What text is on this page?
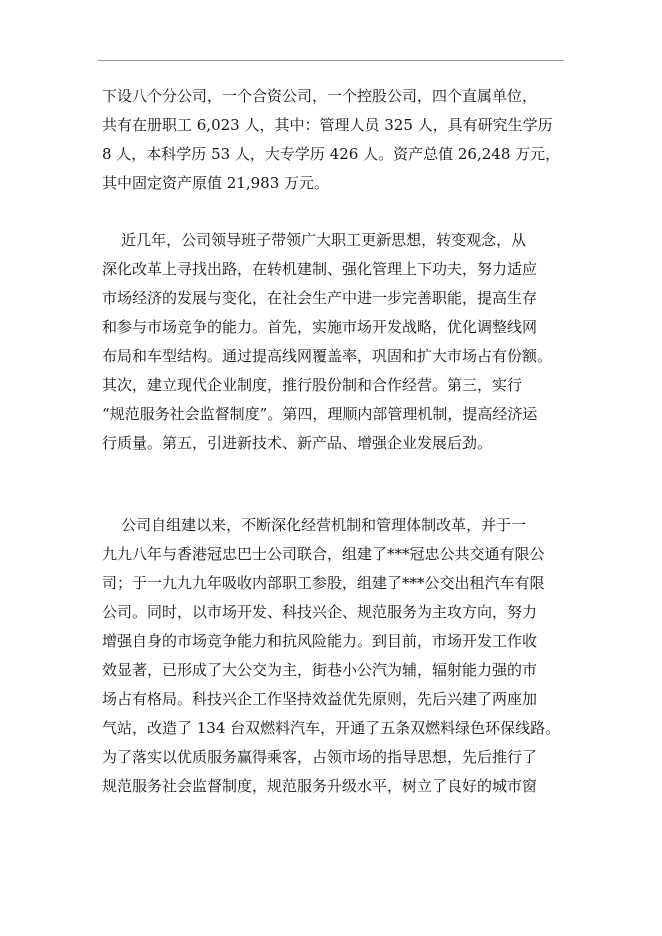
下设八个分公司，一个合资公司，一个控股公司，四个直属单位，
共有在册职工 6,023 人，其中：管理人员 325 人，具有研究生学历
8 人，本科学历 53 人，大专学历 426 人。资产总值 26,248 万元，
其中固定资产原值 21,983 万元。
近几年，公司领导班子带领广大职工更新思想，转变观念，从
深化改革上寻找出路，在转机建制、强化管理上下功夫，努力适应
市场经济的发展与变化，在社会生产中进一步完善职能，提高生存
和参与市场竞争的能力。首先，实施市场开发战略，优化调整线网
布局和车型结构。通过提高线网覆盖率，巩固和扩大市场占有份额。
其次，建立现代企业制度，推行股份制和合作经营。第三，实行
“规范服务社会监督制度”。第四，理顺内部管理机制，提高经济运
行质量。第五，引进新技术、新产品、增强企业发展后劲。
公司自组建以来，不断深化经营机制和管理体制改革，并于一
九九八年与香港冠忠巴士公司联合，组建了***冠忠公共交通有限公
司；于一九九九年吸收内部职工参股，组建了***公交出租汽车有限
公司。同时，以市场开发、科技兴企、规范服务为主攻方向，努力
增强自身的市场竞争能力和抗风险能力。到目前，市场开发工作收
效显著，已形成了大公交为主，街巷小公汽为辅，辐射能力强的市
场占有格局。科技兴企工作坚持效益优先原则，先后兴建了两座加
气站，改造了 134 台双燃料汽车，开通了五条双燃料绿色环保线路。
为了落实以优质服务赢得乘客，占领市场的指导思想，先后推行了
规范服务社会监督制度，规范服务升级水平，树立了良好的城市窗
